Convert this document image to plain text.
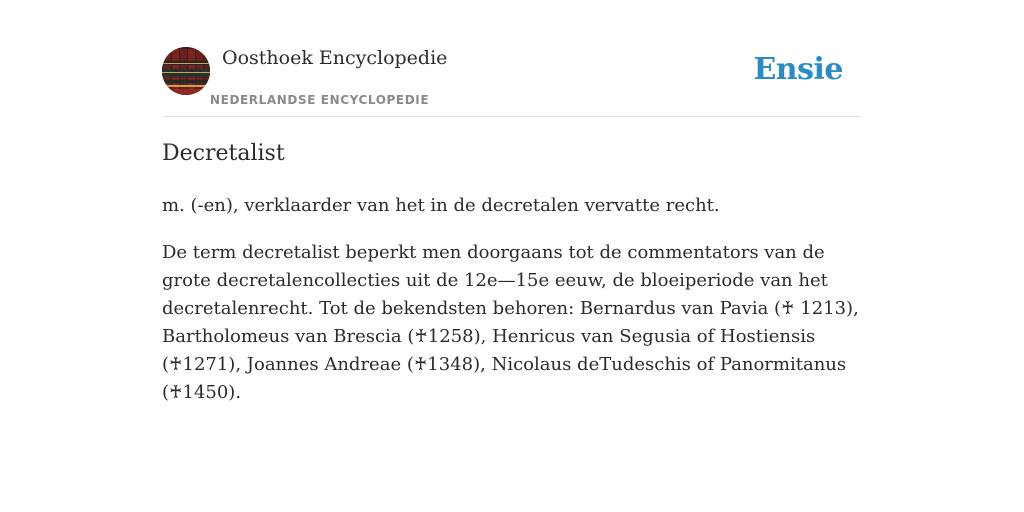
Oosthoek Encyclopedie
NEDERLANDSE ENCYCLOPEDIE
Ensie
Decretalist

m. (-en), verklaarder van het in de decretalen vervatte recht.

De term decretalist beperkt men doorgaans tot de commentators van de grote decretalencollecties uit de 12e—15e eeuw, de bloeiperiode van het decretalenrecht. Tot de bekendsten behoren: Bernardus van Pavia (♰ 1213), Bartholomeus van Brescia (♰1258), Henricus van Segusia of Hostiensis (♰1271), Joannes Andreae (♰1348), Nicolaus deTudeschis of Panormitanus (♰1450).
